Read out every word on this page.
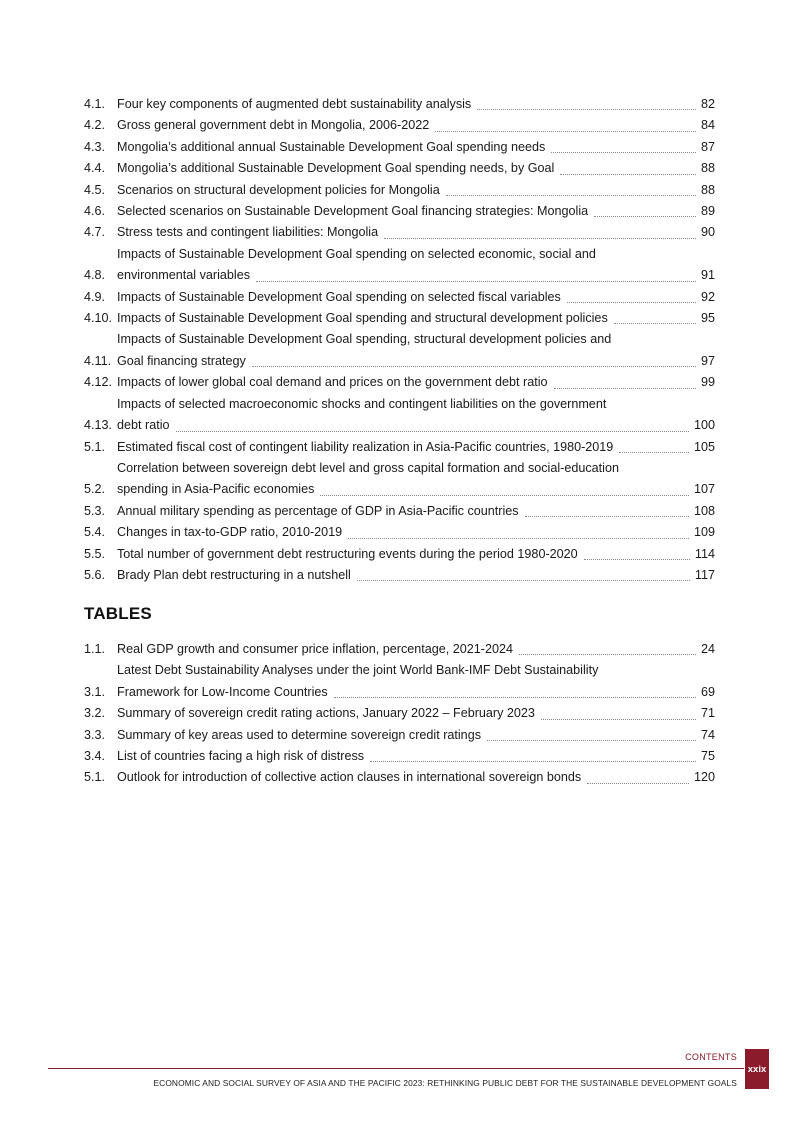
4.1. Four key components of augmented debt sustainability analysis	82
4.2. Gross general government debt in Mongolia, 2006-2022	84
4.3. Mongolia’s additional annual Sustainable Development Goal spending needs	87
4.4. Mongolia’s additional Sustainable Development Goal spending needs, by Goal	88
4.5. Scenarios on structural development policies for Mongolia	88
4.6. Selected scenarios on Sustainable Development Goal financing strategies: Mongolia	89
4.7. Stress tests and contingent liabilities: Mongolia	90
4.8.
Impacts of Sustainable Development Goal spending on selected economic, social and
environmental variables	91
4.9. Impacts of Sustainable Development Goal spending on selected fiscal variables	92
4.10. Impacts of Sustainable Development Goal spending and structural development policies	95
4.11.
Impacts of Sustainable Development Goal spending, structural development policies and
Goal financing strategy	97
4.12. Impacts of lower global coal demand and prices on the government debt ratio	99
4.13.
Impacts of selected macroeconomic shocks and contingent liabilities on the government
debt ratio	100
5.1. Estimated fiscal cost of contingent liability realization in Asia-Pacific countries, 1980-2019	105
5.2.
Correlation between sovereign debt level and gross capital formation and social-education
spending in Asia-Pacific economies	107
5.3. Annual military spending as percentage of GDP in Asia-Pacific countries	108
5.4. Changes in tax-to-GDP ratio, 2010-2019	109
5.5. Total number of government debt restructuring events during the period 1980-2020	114
5.6. Brady Plan debt restructuring in a nutshell	117
TABLES
1.1. Real GDP growth and consumer price inflation, percentage, 2021-2024	24
3.1.
Latest Debt Sustainability Analyses under the joint World Bank-IMF Debt Sustainability
Framework for Low-Income Countries	69
3.2. Summary of sovereign credit rating actions, January 2022 – February 2023	71
3.3. Summary of key areas used to determine sovereign credit ratings	74
3.4. List of countries facing a high risk of distress	75
5.1. Outlook for introduction of collective action clauses in international sovereign bonds	120
CONTENTS
ECONOMIC AND SOCIAL SURVEY OF ASIA AND THE PACIFIC 2023: RETHINKING PUBLIC DEBT FOR THE SUSTAINABLE DEVELOPMENT GOALS
xxix
